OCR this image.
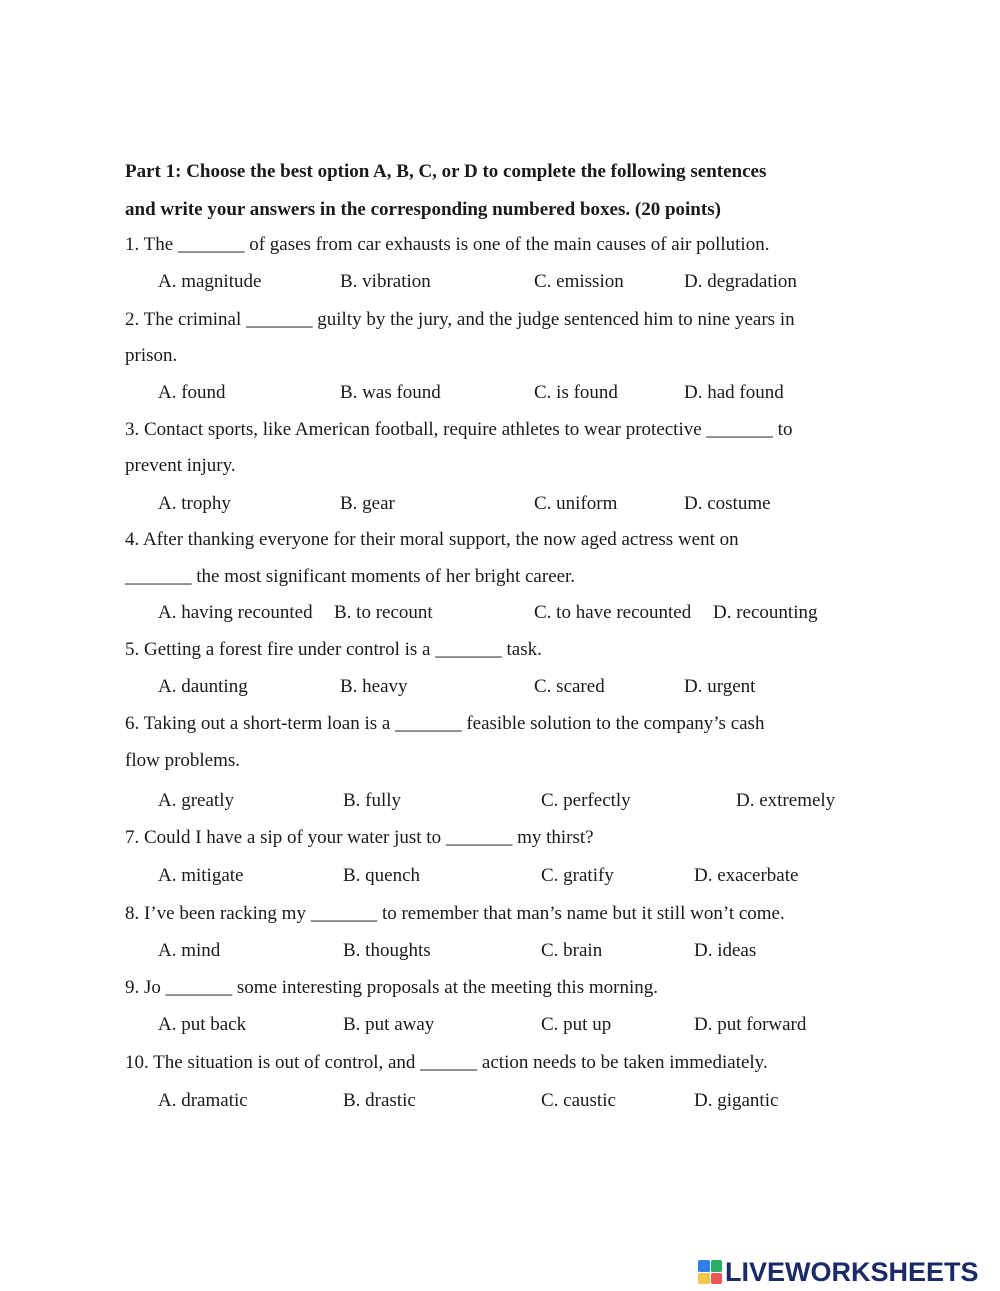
Part 1: Choose the best option A, B, C, or D to complete the following sentences
and write your answers in the corresponding numbered boxes. (20 points)
1. The _______ of gases from car exhausts is one of the main causes of air pollution.
A. magnitude	B. vibration	C. emission	D. degradation
2. The criminal _______ guilty by the jury, and the judge sentenced him to nine years in
prison.
A. found	B. was found	C. is found	D. had found
3. Contact sports, like American football, require athletes to wear protective _______ to
prevent injury.
A. trophy	B. gear	C. uniform	D. costume
4. After thanking everyone for their moral support, the now aged actress went on
_______ the most significant moments of her bright career.
A. having recounted B. to recount	C. to have recounted D. recounting
5. Getting a forest fire under control is a _______ task.
A. daunting	B. heavy	C. scared	D. urgent
6. Taking out a short-term loan is a _______ feasible solution to the company’s cash
flow problems.
A. greatly	B. fully	C. perfectly	D. extremely
7. Could I have a sip of your water just to _______ my thirst?
A. mitigate	B. quench	C. gratify	D. exacerbate
8. I’ve been racking my _______ to remember that man’s name but it still won’t come.
A. mind	B. thoughts	C. brain	D. ideas
9. Jo _______ some interesting proposals at the meeting this morning.
A. put back	B. put away	C. put up	D. put forward
10. The situation is out of control, and ______ action needs to be taken immediately.
A. dramatic	B. drastic	C. caustic	D. gigantic
LIVEWORKSHEETS
